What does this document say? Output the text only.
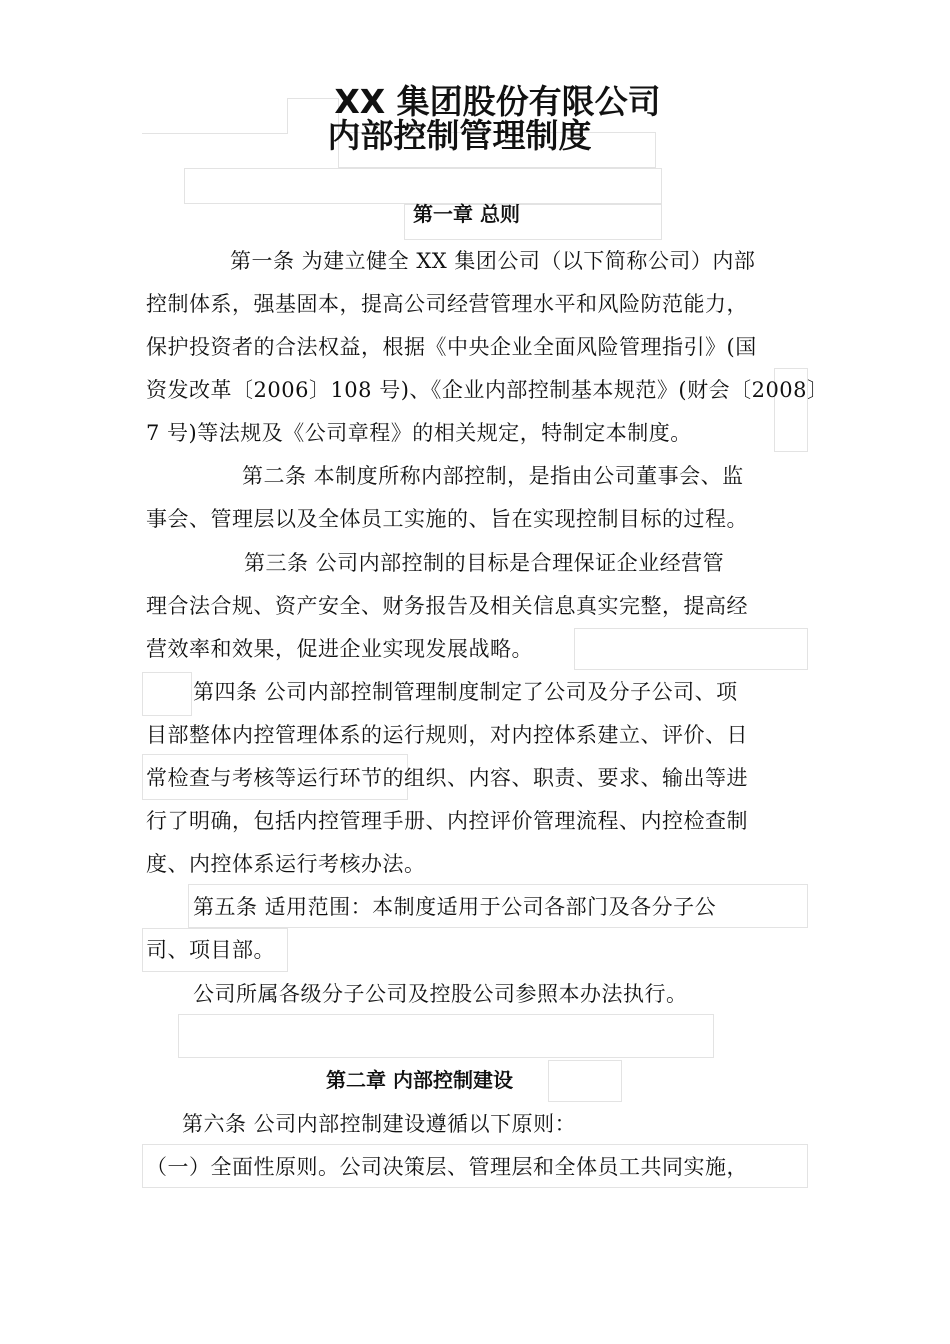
XX 集团股份有限公司
内部控制管理制度
第一章 总则
第一条 为建立健全 XX 集团公司（以下简称公司）内部
控制体系，强基固本，提高公司经营管理水平和风险防范能力，
保护投资者的合法权益，根据《中央企业全面风险管理指引》(国
资发改革〔2006〕108 号)、《企业内部控制基本规范》(财会〔2008〕
7 号)等法规及《公司章程》的相关规定，特制定本制度。
第二条 本制度所称内部控制，是指由公司董事会、监
事会、管理层以及全体员工实施的、旨在实现控制目标的过程。
第三条 公司内部控制的目标是合理保证企业经营管
理合法合规、资产安全、财务报告及相关信息真实完整，提高经
营效率和效果，促进企业实现发展战略。
第四条 公司内部控制管理制度制定了公司及分子公司、项
目部整体内控管理体系的运行规则，对内控体系建立、评价、日
常检查与考核等运行环节的组织、内容、职责、要求、输出等进
行了明确，包括内控管理手册、内控评价管理流程、内控检查制
度、内控体系运行考核办法。
第五条 适用范围：本制度适用于公司各部门及各分子公
司、项目部。
公司所属各级分子公司及控股公司参照本办法执行。
第二章 内部控制建设
第六条 公司内部控制建设遵循以下原则：
（一）全面性原则。公司决策层、管理层和全体员工共同实施，
